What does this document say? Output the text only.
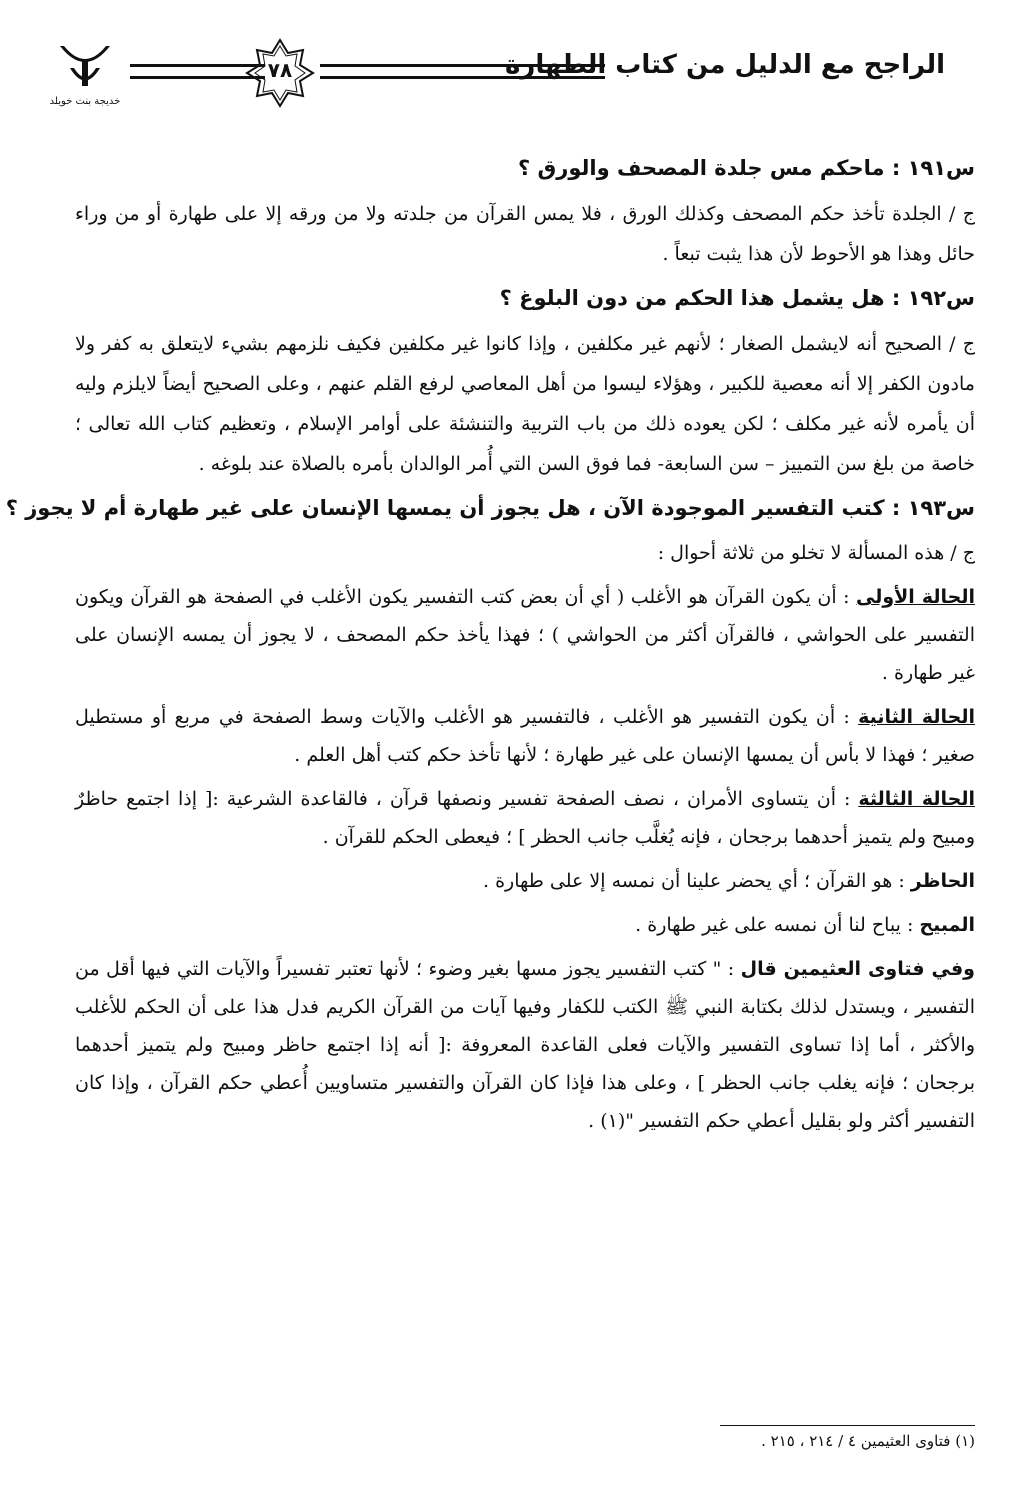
الراجح مع الدليل من كتاب الطهارة
٧٨
خديجة بنت خويلد
س١٩١ : ماحكم مس جلدة المصحف والورق ؟

ج / الجلدة تأخذ حكم المصحف وكذلك الورق ، فلا يمس القرآن من جلدته ولا من ورقه إلا على طهارة أو من وراء حائل وهذا هو الأحوط لأن هذا يثبت تبعاً .

س١٩٢ : هل يشمل هذا الحكم من دون البلوغ ؟

ج / الصحيح أنه لايشمل الصغار ؛ لأنهم غير مكلفين ، وإذا كانوا غير مكلفين فكيف نلزمهم بشيء لايتعلق به كفر ولا مادون الكفر إلا أنه معصية للكبير ، وهؤلاء ليسوا من أهل المعاصي لرفع القلم عنهم ، وعلى الصحيح أيضاً لايلزم وليه أن يأمره لأنه غير مكلف ؛ لكن يعوده ذلك من باب التربية والتنشئة على أوامر الإسلام ، وتعظيم كتاب الله تعالى ؛ خاصة من بلغ سن التمييز – سن السابعة- فما فوق السن التي أُمر الوالدان بأمره بالصلاة عند بلوغه .

س١٩٣ : كتب التفسير الموجودة الآن ، هل يجوز أن يمسها الإنسان على غير طهارة أم لا يجوز ؟

ج / هذه المسألة لا تخلو من ثلاثة أحوال :

الحالة الأولى : أن يكون القرآن هو الأغلب ( أي أن بعض كتب التفسير يكون الأغلب في الصفحة هو القرآن ويكون التفسير على الحواشي ، فالقرآن أكثر من الحواشي ) ؛ فهذا يأخذ حكم المصحف ، لا يجوز أن يمسه الإنسان على غير طهارة .

الحالة الثانية : أن يكون التفسير هو الأغلب ، فالتفسير هو الأغلب والآيات وسط الصفحة في مربع أو مستطيل صغير ؛ فهذا لا بأس أن يمسها الإنسان على غير طهارة ؛ لأنها تأخذ حكم كتب أهل العلم .

الحالة الثالثة : أن يتساوى الأمران ، نصف الصفحة تفسير ونصفها قرآن ، فالقاعدة الشرعية :[ إذا اجتمع حاظرٌ ومبيح ولم يتميز أحدهما برجحان ، فإنه يُغلَّب جانب الحظر ] ؛ فيعطى الحكم للقرآن .

الحاظر : هو القرآن ؛ أي يحضر علينا أن نمسه إلا على طهارة .

المبيح : يباح لنا أن نمسه على غير طهارة .

وفي فتاوى العثيمين قال : " كتب التفسير يجوز مسها بغير وضوء ؛ لأنها تعتبر تفسيراً والآيات التي فيها أقل من التفسير ، ويستدل لذلك بكتابة النبي ﷺ الكتب للكفار وفيها آيات من القرآن الكريم فدل هذا على أن الحكم للأغلب والأكثر ، أما إذا تساوى التفسير والآيات فعلى القاعدة المعروفة :[ أنه إذا اجتمع حاظر ومبيح ولم يتميز أحدهما برجحان ؛ فإنه يغلب جانب الحظر ] ، وعلى هذا فإذا كان القرآن والتفسير متساويين أُعطي حكم القرآن ، وإذا كان التفسير أكثر ولو بقليل أعطي حكم التفسير "(١) .

(١) فتاوى العثيمين ٤ / ٢١٤ ، ٢١٥ .
